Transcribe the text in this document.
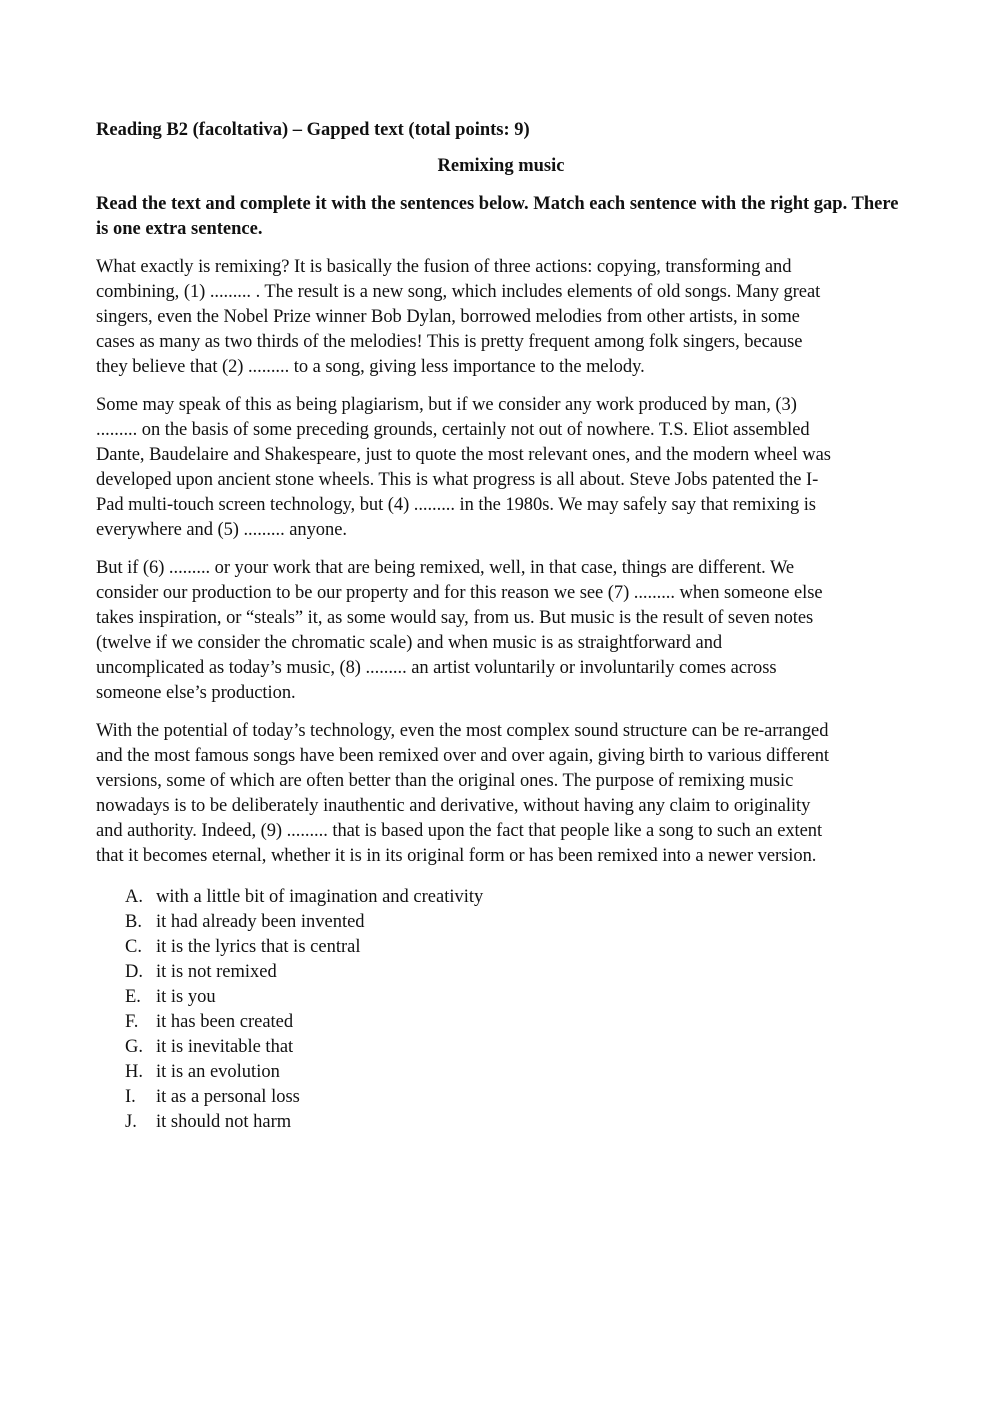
Reading B2 (facoltativa) – Gapped text (total points: 9)

Remixing music

Read the text and complete it with the sentences below. Match each sentence with the right gap. There is one extra sentence.

What exactly is remixing? It is basically the fusion of three actions: copying, transforming and
combining, (1) ......... . The result is a new song, which includes elements of old songs. Many great
singers, even the Nobel Prize winner Bob Dylan, borrowed melodies from other artists, in some
cases as many as two thirds of the melodies! This is pretty frequent among folk singers, because
they believe that (2) ......... to a song, giving less importance to the melody.

Some may speak of this as being plagiarism, but if we consider any work produced by man, (3)
......... on the basis of some preceding grounds, certainly not out of nowhere. T.S. Eliot assembled
Dante, Baudelaire and Shakespeare, just to quote the most relevant ones, and the modern wheel was
developed upon ancient stone wheels. This is what progress is all about. Steve Jobs patented the I-
Pad multi-touch screen technology, but (4) ......... in the 1980s. We may safely say that remixing is
everywhere and (5) ......... anyone.

But if (6) ......... or your work that are being remixed, well, in that case, things are different. We
consider our production to be our property and for this reason we see (7) ......... when someone else
takes inspiration, or “steals” it, as some would say, from us. But music is the result of seven notes
(twelve if we consider the chromatic scale) and when music is as straightforward and
uncomplicated as today’s music, (8) ......... an artist voluntarily or involuntarily comes across
someone else’s production.

With the potential of today’s technology, even the most complex sound structure can be re-arranged
and the most famous songs have been remixed over and over again, giving birth to various different
versions, some of which are often better than the original ones. The purpose of remixing music
nowadays is to be deliberately inauthentic and derivative, without having any claim to originality
and authority. Indeed, (9) ......... that is based upon the fact that people like a song to such an extent
that it becomes eternal, whether it is in its original form or has been remixed into a newer version.

A. with a little bit of imagination and creativity
B. it had already been invented
C. it is the lyrics that is central
D. it is not remixed
E. it is you
F. it has been created
G. it is inevitable that
H. it is an evolution
I.	it as a personal loss
J.	it should not harm
